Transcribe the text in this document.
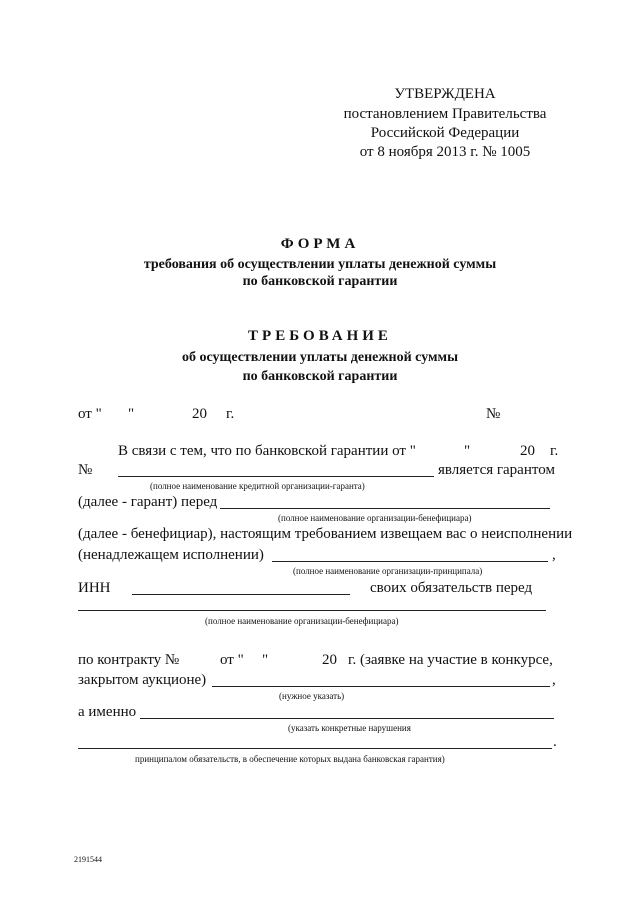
УТВЕРЖДЕНА
постановлением Правительства
Российской Федерации
от 8 ноября 2013 г. № 1005
ФОРМА
требования об осуществлении уплаты денежной суммы
по банковской гарантии
ТРЕБОВАНИЕ
об осуществлении уплаты денежной суммы
по банковской гарантии
от " "	20 г.	№
В связи с тем, что по банковской гарантии от "	"	20 г.
№	является гарантом
(полное наименование кредитной организации-гаранта)
(далее - гарант) перед
(полное наименование организации-бенефициара)
(далее - бенефициар), настоящим требованием извещаем вас о неисполнении
(ненадлежащем исполнении)	,
(полное наименование организации-принципала)
ИНН	своих обязательств перед
(полное наименование организации-бенефициара)
по контракту №	от " "	20 г. (заявке на участие в конкурсе,
закрытом аукционе)	,
(нужное указать)
а именно
(указать конкретные нарушения
.
принципалом обязательств, в обеспечение которых выдана банковская гарантия)
2191544
